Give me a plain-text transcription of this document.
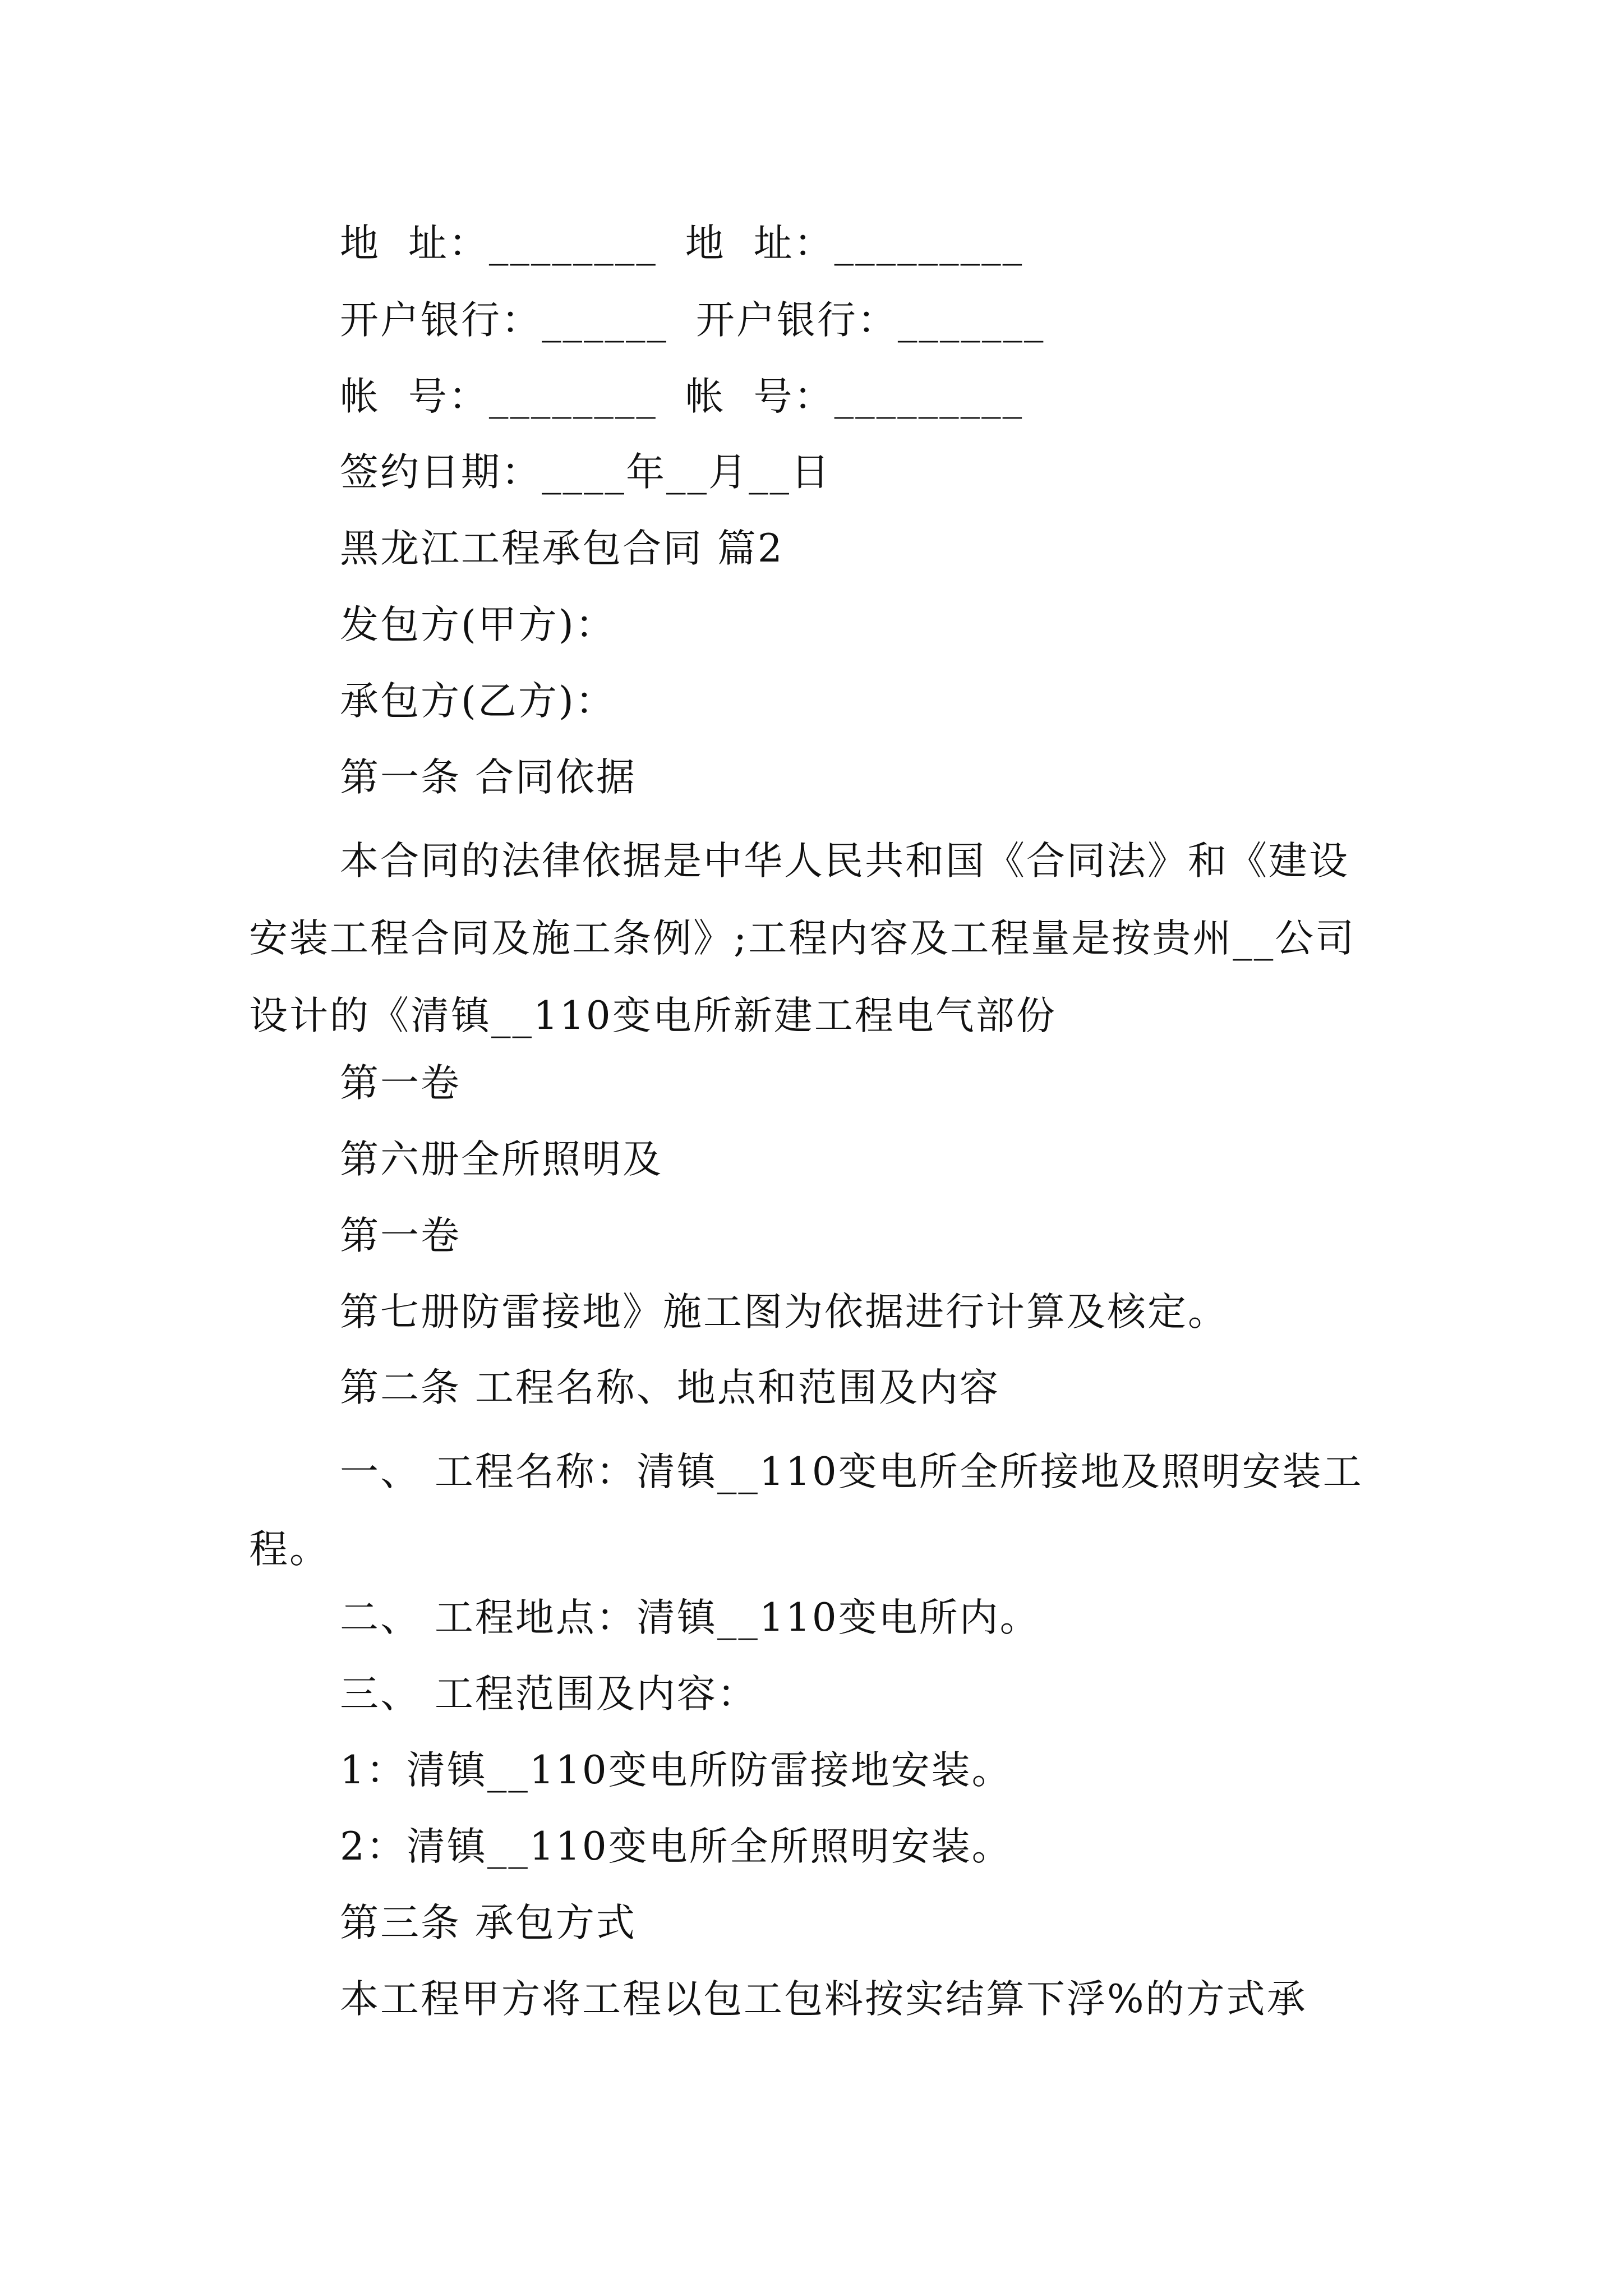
地  址：________  地  址：_________
开户银行：______  开户银行：_______
帐  号：________  帐  号：_________
签约日期：____年__月__日
黑龙江工程承包合同 篇2
发包方(甲方)：
承包方(乙方)：
第一条 合同依据
本合同的法律依据是中华人民共和国《合同法》和《建设安装工程合同及施工条例》;工程内容及工程量是按贵州__公司设计的《清镇__110变电所新建工程电气部份
第一卷
第六册全所照明及
第一卷
第七册防雷接地》施工图为依据进行计算及核定。
第二条 工程名称、地点和范围及内容
一、 工程名称：清镇__110变电所全所接地及照明安装工程。
二、 工程地点：清镇__110变电所内。
三、 工程范围及内容：
1：清镇__110变电所防雷接地安装。
2：清镇__110变电所全所照明安装。
第三条 承包方式
本工程甲方将工程以包工包料按实结算下浮%的方式承
